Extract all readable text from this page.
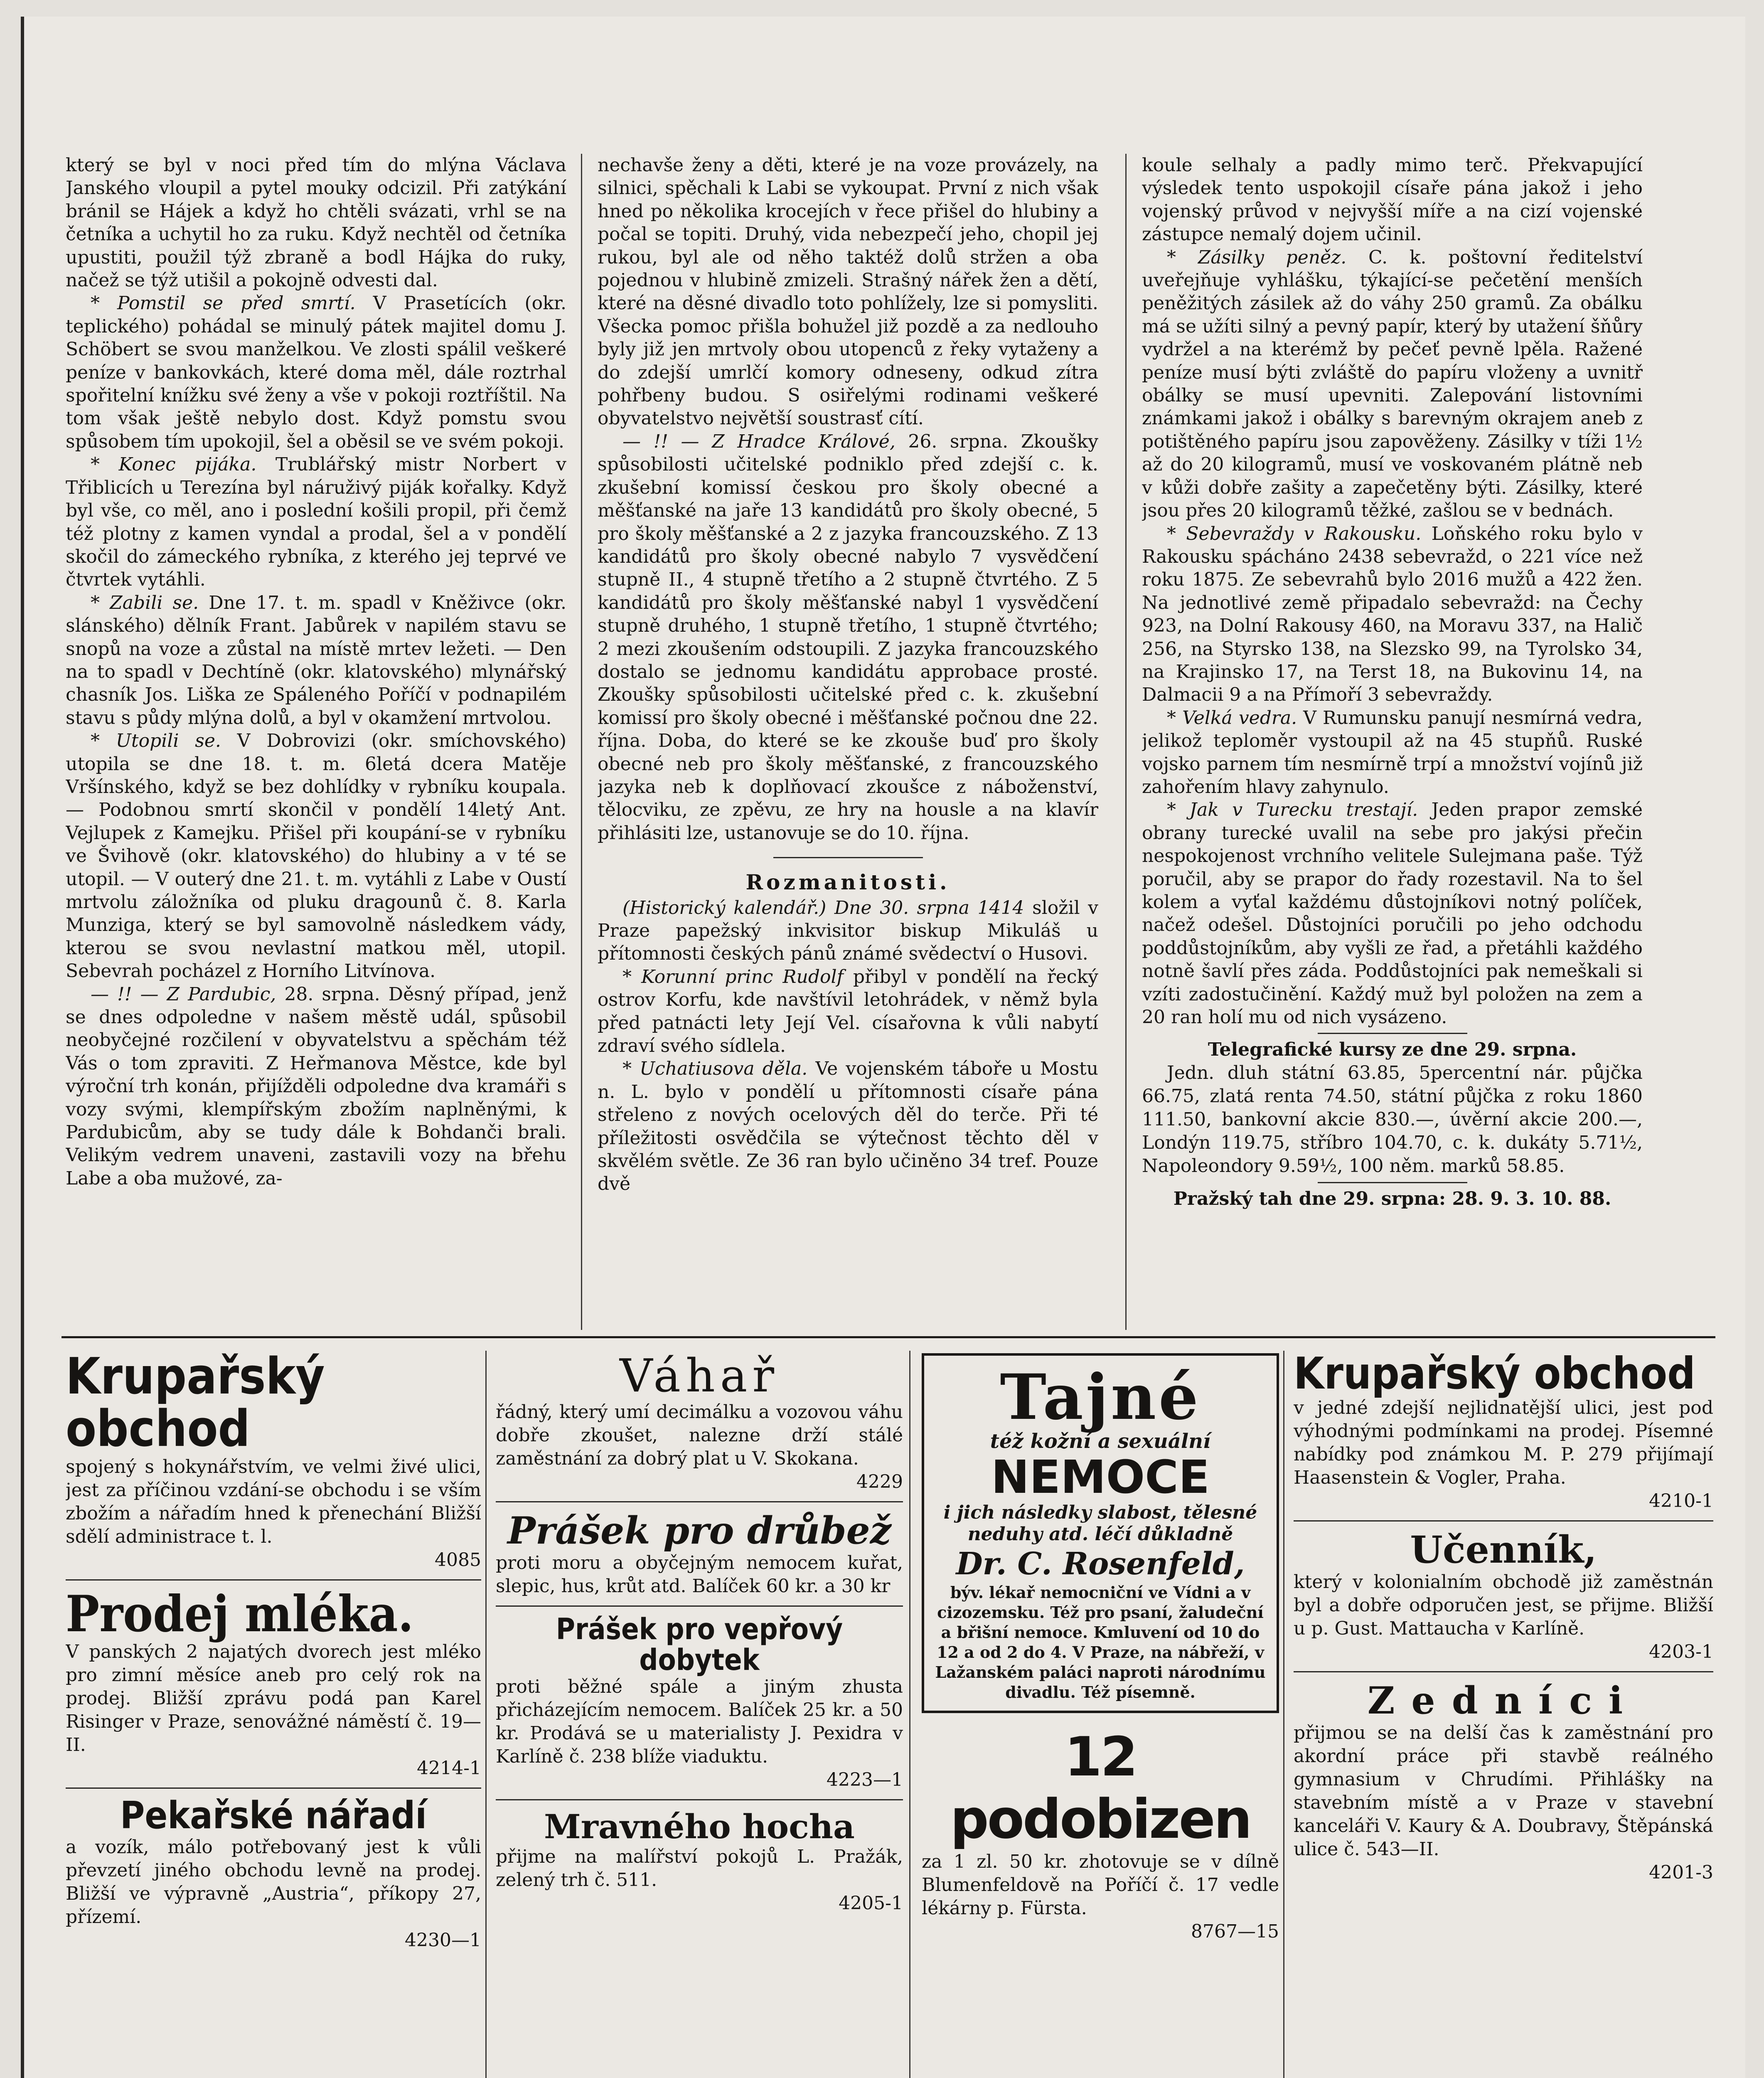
který se byl v noci před tím do mlýna Václava Janského vloupil a pytel mouky odcizil. Při zatýkání bránil se Hájek a když ho chtěli svázati, vrhl se na četníka a uchytil ho za ruku. Když nechtěl od četníka upustiti, použil týž zbraně a bodl Hájka do ruky, načež se týž utišil a pokojně odvesti dal.

* Pomstil se před smrtí. V Prasetících (okr. teplického) pohádal se minulý pátek majitel domu J. Schöbert se svou manželkou. Ve zlosti spálil veškeré peníze v bankovkách, které doma měl, dále roztrhal spořitelní knížku své ženy a vše v pokoji roztříštil. Na tom však ještě nebylo dost. Když pomstu svou spůsobem tím upokojil, šel a oběsil se ve svém pokoji.

* Konec pijáka. Trublářský mistr Norbert v Třiblicích u Terezína byl náruživý piják kořalky. Když byl vše, co měl, ano i poslední košili propil, při čemž též plotny z kamen vyndal a prodal, šel a v pondělí skočil do zámeckého rybníka, z kterého jej teprvé ve čtvrtek vytáhli.

* Zabili se. Dne 17. t. m. spadl v Kněživce (okr. slánského) dělník Frant. Jabůrek v napilém stavu se snopů na voze a zůstal na místě mrtev ležeti. — Den na to spadl v Dechtíně (okr. klatovského) mlynářský chasník Jos. Liška ze Spáleného Poříčí v podnapilém stavu s půdy mlýna dolů, a byl v okamžení mrtvolou.

* Utopili se. V Dobrovizi (okr. smíchovského) utopila se dne 18. t. m. 6letá dcera Matěje Vršínského, když se bez dohlídky v rybníku koupala. — Podobnou smrtí skončil v pondělí 14letý Ant. Vejlupek z Kamejku. Přišel při koupání-se v rybníku ve Švihově (okr. klatovského) do hlubiny a v té se utopil. — V outerý dne 21. t. m. vytáhli z Labe v Oustí mrtvolu záložníka od pluku dragounů č. 8. Karla Munziga, který se byl samovolně následkem vády, kterou se svou nevlastní matkou měl, utopil. Sebevrah pocházel z Horního Litvínova.

— !! — Z Pardubic, 28. srpna. Děsný případ, jenž se dnes odpoledne v našem městě udál, spůsobil neobyčejné rozčilení v obyvatelstvu a spěchám též Vás o tom zpraviti. Z Heřmanova Městce, kde byl výroční trh konán, přijížděli odpoledne dva kramáři s vozy svými, klempířským zbožím naplněnými, k Pardubicům, aby se tudy dále k Bohdanči brali. Velikým vedrem unaveni, zastavili vozy na břehu Labe a oba mužové, za-

nechavše ženy a děti, které je na voze provázely, na silnici, spěchali k Labi se vykoupat. První z nich však hned po několika krocejích v řece přišel do hlubiny a počal se topiti. Druhý, vida nebezpečí jeho, chopil jej rukou, byl ale od něho taktéž dolů stržen a oba pojednou v hlubině zmizeli. Strašný nářek žen a dětí, které na děsné divadlo toto pohlížely, lze si pomysliti. Všecka pomoc přišla bohužel již pozdě a za nedlouho byly již jen mrtvoly obou utopenců z řeky vytaženy a do zdejší umrlčí komory odneseny, odkud zítra pohřbeny budou. S osiřelými rodinami veškeré obyvatelstvo největší soustrasť cítí.

— !! — Z Hradce Králové, 26. srpna. Zkoušky spůsobilosti učitelské podniklo před zdejší c. k. zkušební komissí českou pro školy obecné a měšťanské na jaře 13 kandidátů pro školy obecné, 5 pro školy měšťanské a 2 z jazyka francouzského. Z 13 kandidátů pro školy obecné nabylo 7 vysvědčení stupně II., 4 stupně třetího a 2 stupně čtvrtého. Z 5 kandidátů pro školy měšťanské nabyl 1 vysvědčení stupně druhého, 1 stupně třetího, 1 stupně čtvrtého; 2 mezi zkoušením odstoupili. Z jazyka francouzského dostalo se jednomu kandidátu approbace prosté. Zkoušky spůsobilosti učitelské před c. k. zkušební komissí pro školy obecné i měšťanské počnou dne 22. října. Doba, do které se ke zkouše buď pro školy obecné neb pro školy měšťanské, z francouzského jazyka neb k doplňovací zkoušce z náboženství, tělocviku, ze zpěvu, ze hry na housle a na klavír přihlásiti lze, ustanovuje se do 10. října.

Rozmanitosti.

(Historický kalendář.) Dne 30. srpna 1414 složil v Praze papežský inkvisitor biskup Mikuláš u přítomnosti českých pánů známé svědectví o Husovi.

* Korunní princ Rudolf přibyl v pondělí na řecký ostrov Korfu, kde navštívil letohrádek, v němž byla před patnácti lety Její Vel. císařovna k vůli nabytí zdraví svého sídlela.

* Uchatiusova děla. Ve vojenském táboře u Mostu n. L. bylo v pondělí u přítomnosti císaře pána střeleno z nových ocelových děl do terče. Při té příležitosti osvědčila se výtečnost těchto děl v skvělém světle. Ze 36 ran bylo učiněno 34 tref. Pouze dvě

koule selhaly a padly mimo terč. Překvapující výsledek tento uspokojil císaře pána jakož i jeho vojenský průvod v nejvyšší míře a na cizí vojenské zástupce nemalý dojem učinil.

* Zásilky peněz. C. k. poštovní ředitelství uveřejňuje vyhlášku, týkající-se pečetění menších peněžitých zásilek až do váhy 250 gramů. Za obálku má se užíti silný a pevný papír, který by utažení šňůry vydržel a na kterémž by pečeť pevně lpěla. Ražené peníze musí býti zvláště do papíru vloženy a uvnitř obálky se musí upevniti. Zalepování listovními známkami jakož i obálky s barevným okrajem aneb z potištěného papíru jsou zapověženy. Zásilky v tíži 1½ až do 20 kilogramů, musí ve voskovaném plátně neb v kůži dobře zašity a zapečetěny býti. Zásilky, které jsou přes 20 kilogramů těžké, zašlou se v bednách.

* Sebevraždy v Rakousku. Loňského roku bylo v Rakousku spácháno 2438 sebevražd, o 221 více než roku 1875. Ze sebevrahů bylo 2016 mužů a 422 žen. Na jednotlivé země připadalo sebevražd: na Čechy 923, na Dolní Rakousy 460, na Moravu 337, na Halič 256, na Styrsko 138, na Slezsko 99, na Tyrolsko 34, na Krajinsko 17, na Terst 18, na Bukovinu 14, na Dalmacii 9 a na Přímoří 3 sebevraždy.

* Velká vedra. V Rumunsku panují nesmírná vedra, jelikož teploměr vystoupil až na 45 stupňů. Ruské vojsko parnem tím nesmírně trpí a množství vojínů již zahořením hlavy zahynulo.

* Jak v Turecku trestají. Jeden prapor zemské obrany turecké uvalil na sebe pro jakýsi přečin nespokojenost vrchního velitele Sulejmana paše. Týž poručil, aby se prapor do řady rozestavil. Na to šel kolem a vyťal každému důstojníkovi notný políček, načež odešel. Důstojníci poručili po jeho odchodu poddůstojníkům, aby vyšli ze řad, a přetáhli každého notně šavlí přes záda. Poddůstojníci pak nemeškali si vzíti zadostučinění. Každý muž byl položen na zem a 20 ran holí mu od nich vysázeno.

Telegrafické kursy ze dne 29. srpna.

Jedn. dluh státní 63.85, 5percentní nár. půjčka 66.75, zlatá renta 74.50, státní půjčka z roku 1860 111.50, bankovní akcie 830.—, úvěrní akcie 200.—, Londýn 119.75, stříbro 104.70, c. k. dukáty 5.71½, Napoleondory 9.59½, 100 něm. marků 58.85.

Pražský tah dne 29. srpna: 28. 9. 3. 10. 88.

Krupařský obchod

spojený s hokynářstvím, ve velmi živé ulici, jest za příčinou vzdání-se obchodu i se vším zbožím a nářadím hned k přenechání Bližší sdělí administrace t. l.

4085
Prodej mléka.

V panských 2 najatých dvorech jest mléko pro zimní měsíce aneb pro celý rok na prodej. Bližší zprávu podá pan Karel Risinger v Praze, senovážné náměstí č. 19—II.

4214-1
Pekařské nářadí

a vozík, málo potřebovaný jest k vůli převzetí jiného obchodu levně na prodej. Bližší ve výpravně „Austria“, příkopy 27, přízemí.

4230—1
Váhař

řádný, který umí decimálku a vozovou váhu dobře zkoušet, nalezne drží stálé zaměstnání za dobrý plat u V. Skokana.

4229
Prášek pro drůbež

proti moru a obyčejným nemocem kuřat, slepic, hus, krůt atd. Balíček 60 kr. a 30 kr

Prášek pro vepřový dobytek

proti běžné spále a jiným zhusta přicházejícím nemocem. Balíček 25 kr. a 50 kr. Prodává se u materialisty J. Pexidra v Karlíně č. 238 blíže viaduktu.

4223—1
Mravného hocha

přijme na malířství pokojů L. Pražák, zelený trh č. 511.

4205-1
Tajné
též kožní a sexuální
NEMOCE
i jich následky slabost, tělesné neduhy atd. léčí důkladně
Dr. C. Rosenfeld,
býv. lékař nemocniční ve Vídni a v cizozemsku. Též pro psaní, žaludeční a břišní nemoce. Kmluvení od 10 do 12 a od 2 do 4. V Praze, na nábřeží, v Lažanském paláci naproti národnímu divadlu. Též písemně.
12 podobizen

za 1 zl. 50 kr. zhotovuje se v dílně Blumenfeldově na Poříčí č. 17 vedle lékárny p. Fürsta.

8767—15
Krupařský obchod

v jedné zdejší nejlidnatější ulici, jest pod výhodnými podmínkami na prodej. Písemné nabídky pod známkou M. P. 279 přijímají Haasenstein & Vogler, Praha.

4210-1
Učenník,

který v kolonialním obchodě již zaměstnán byl a dobře odporučen jest, se přijme. Bližší u p. Gust. Mattaucha v Karlíně.

4203-1
Zedníci

přijmou se na delší čas k zaměstnání pro akordní práce při stavbě reálného gymnasium v Chrudími. Přihlášky na stavebním místě a v Praze v stavební kanceláři V. Kaury & A. Doubravy, Štěpánská ulice č. 543—II.

4201-3
